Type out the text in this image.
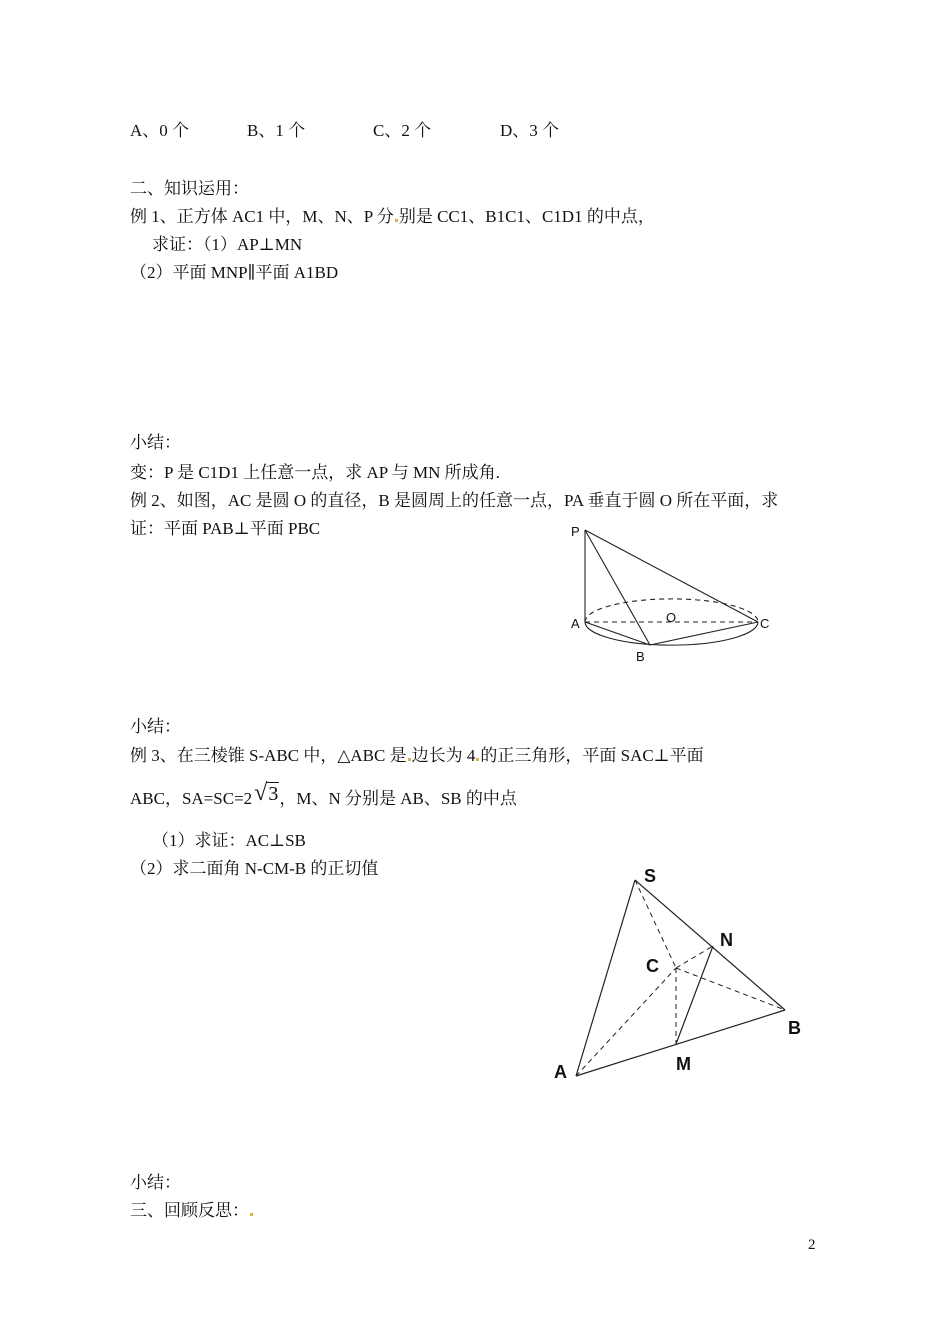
A、0 个	B、1 个	C、2 个	D、3 个
二、知识运用：
例 1、正方体 AC1 中，M、N、P 分 别是 CC1、B1C1、C1D1 的中点，
求证：（1）AP⊥MN
（2）平面 MNP∥平面 A1BD
小结：
变：P 是 C1D1 上任意一点，求 AP 与 MN 所成角.
例 2、如图，AC 是圆 O 的直径，B 是圆周上的任意一点，PA 垂直于圆 O 所在平面，求
证：平面 PAB⊥平面 PBC	P
A	O	C
B
小结：
例 3、在三棱锥 S-ABC 中，△ABC 是 边长为 4 的正三角形，平面 SAC⊥平面
ABC，SA=SC=2√3，M、N 分别是 AB、SB 的中点
（1）求证：AC⊥SB
（2）求二面角 N-CM-B 的正切值	S
N
C
B
M
A
小结：
三、回顾反思：
2
